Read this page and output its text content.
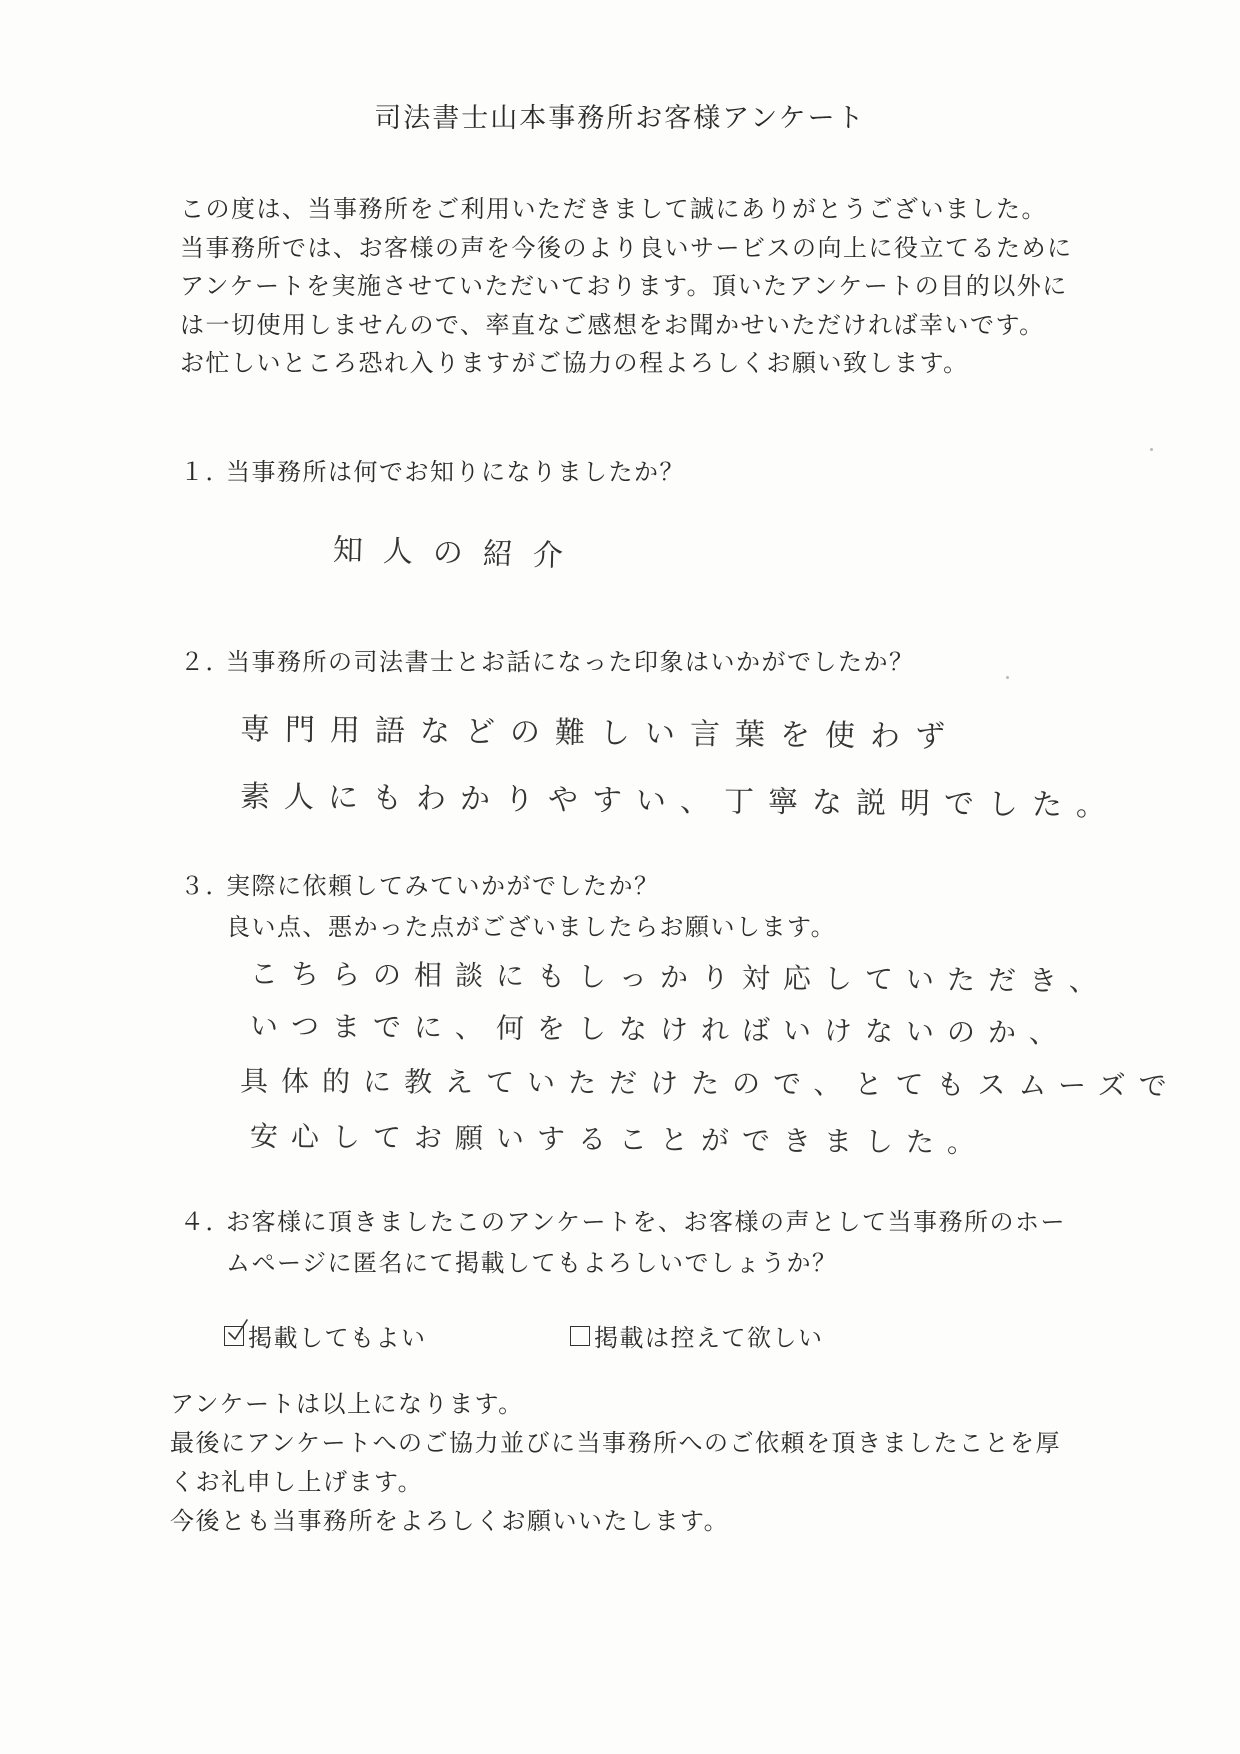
司法書士山本事務所お客様アンケート
この度は、当事務所をご利用いただきまして誠にありがとうございました。
当事務所では、お客様の声を今後のより良いサービスの向上に役立てるために
アンケートを実施させていただいております。頂いたアンケートの目的以外に
は一切使用しませんので、率直なご感想をお聞かせいただければ幸いです。
お忙しいところ恐れ入りますがご協力の程よろしくお願い致します。
１．当事務所は何でお知りになりましたか？
知人の紹介
２．当事務所の司法書士とお話になった印象はいかがでしたか？
専門用語などの難しい言葉を使わず
素人にもわかりやすい、丁寧な説明でした。
３．実際に依頼してみていかがでしたか？
良い点、悪かった点がございましたらお願いします。
こちらの相談にもしっかり対応していただき、
いつまでに、何をしなければいけないのか、
具体的に教えていただけたので、とてもスムーズで
安心してお願いすることができました。
４．お客様に頂きましたこのアンケートを、お客様の声として当事務所のホー
ムページに匿名にて掲載してもよろしいでしょうか？
掲載してもよい	掲載は控えて欲しい
アンケートは以上になります。
最後にアンケートへのご協力並びに当事務所へのご依頼を頂きましたことを厚
くお礼申し上げます。
今後とも当事務所をよろしくお願いいたします。
